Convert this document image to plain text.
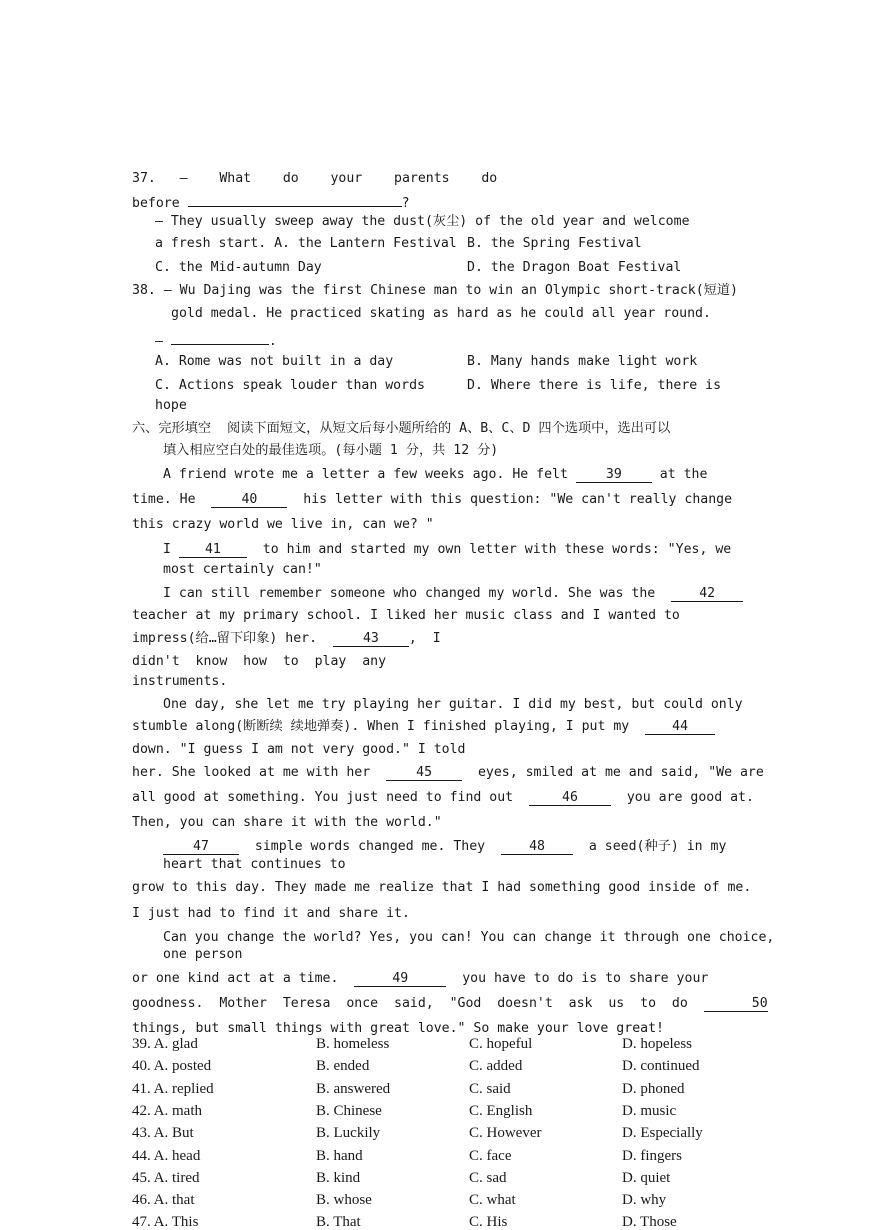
37.   —    What    do    your    parents    do
before	?
— They usually sweep away the dust(灰尘) of the old year and welcome
a fresh start. A. the Lantern Festival B. the Spring Festival
C. the Mid-autumn Day	D. the Dragon Boat Festival
38. — Wu Dajing was the first Chinese man to win an Olympic short-track(短道)
gold medal. He practiced skating as hard as he could all year round.
—	.
A. Rome was not built in a day	B. Many hands make light work
C. Actions speak louder than words	D. Where there is life, there is
hope
六、完形填空  阅读下面短文，从短文后每小题所给的 A、B、C、D 四个选项中，选出可以
填入相应空白处的最佳选项。(每小题 1 分，共 12 分)
A friend wrote me a letter a few weeks ago. He felt 39 at the
time. He  40  his letter with this question: "We can't really change
this crazy world we live in, can we? "
I 41  to him and started my own letter with these words: "Yes, we
most certainly can!"
I can still remember someone who changed my world. She was the  42
teacher at my primary school. I liked her music class and I wanted to
impress(给…留下印象) her.  43 ,  I
didn't  know  how  to  play  any
instruments.
One day, she let me try playing her guitar. I did my best, but could only
stumble along(断断续 续地弹奏). When I finished playing, I put my  44
down. "I guess I am not very good." I told
her. She looked at me with her  45  eyes, smiled at me and said, "We are
all good at something. You just need to find out	46	you are good at.
Then, you can share it with the world."
47  simple words changed me. They  48  a seed(种子) in my
heart that continues to
grow to this day. They made me realize that I had something good inside of me.
I just had to find it and share it.
Can you change the world? Yes, you can! You can change it through one choice,
one person
or one kind act at a time.	49	you have to do is to share your
goodness.  Mother  Teresa  once  said,  "God  doesn't  ask  us  to  do	50
things, but small things with great love." So make your love great!
39. A. glad	B. homeless	C. hopeful	D. hopeless
40. A. posted	B. ended	C. added	D. continued
41. A. replied	B. answered	C. said	D. phoned
42. A. math	B. Chinese	C. English	D. music
43. A. But	B. Luckily	C. However	D. Especially
44. A. head	B. hand	C. face	D. fingers
45. A. tired	B. kind	C. sad	D. quiet
46. A. that	B. whose	C. what	D. why
47. A. This	B. That	C. His	D. Those
